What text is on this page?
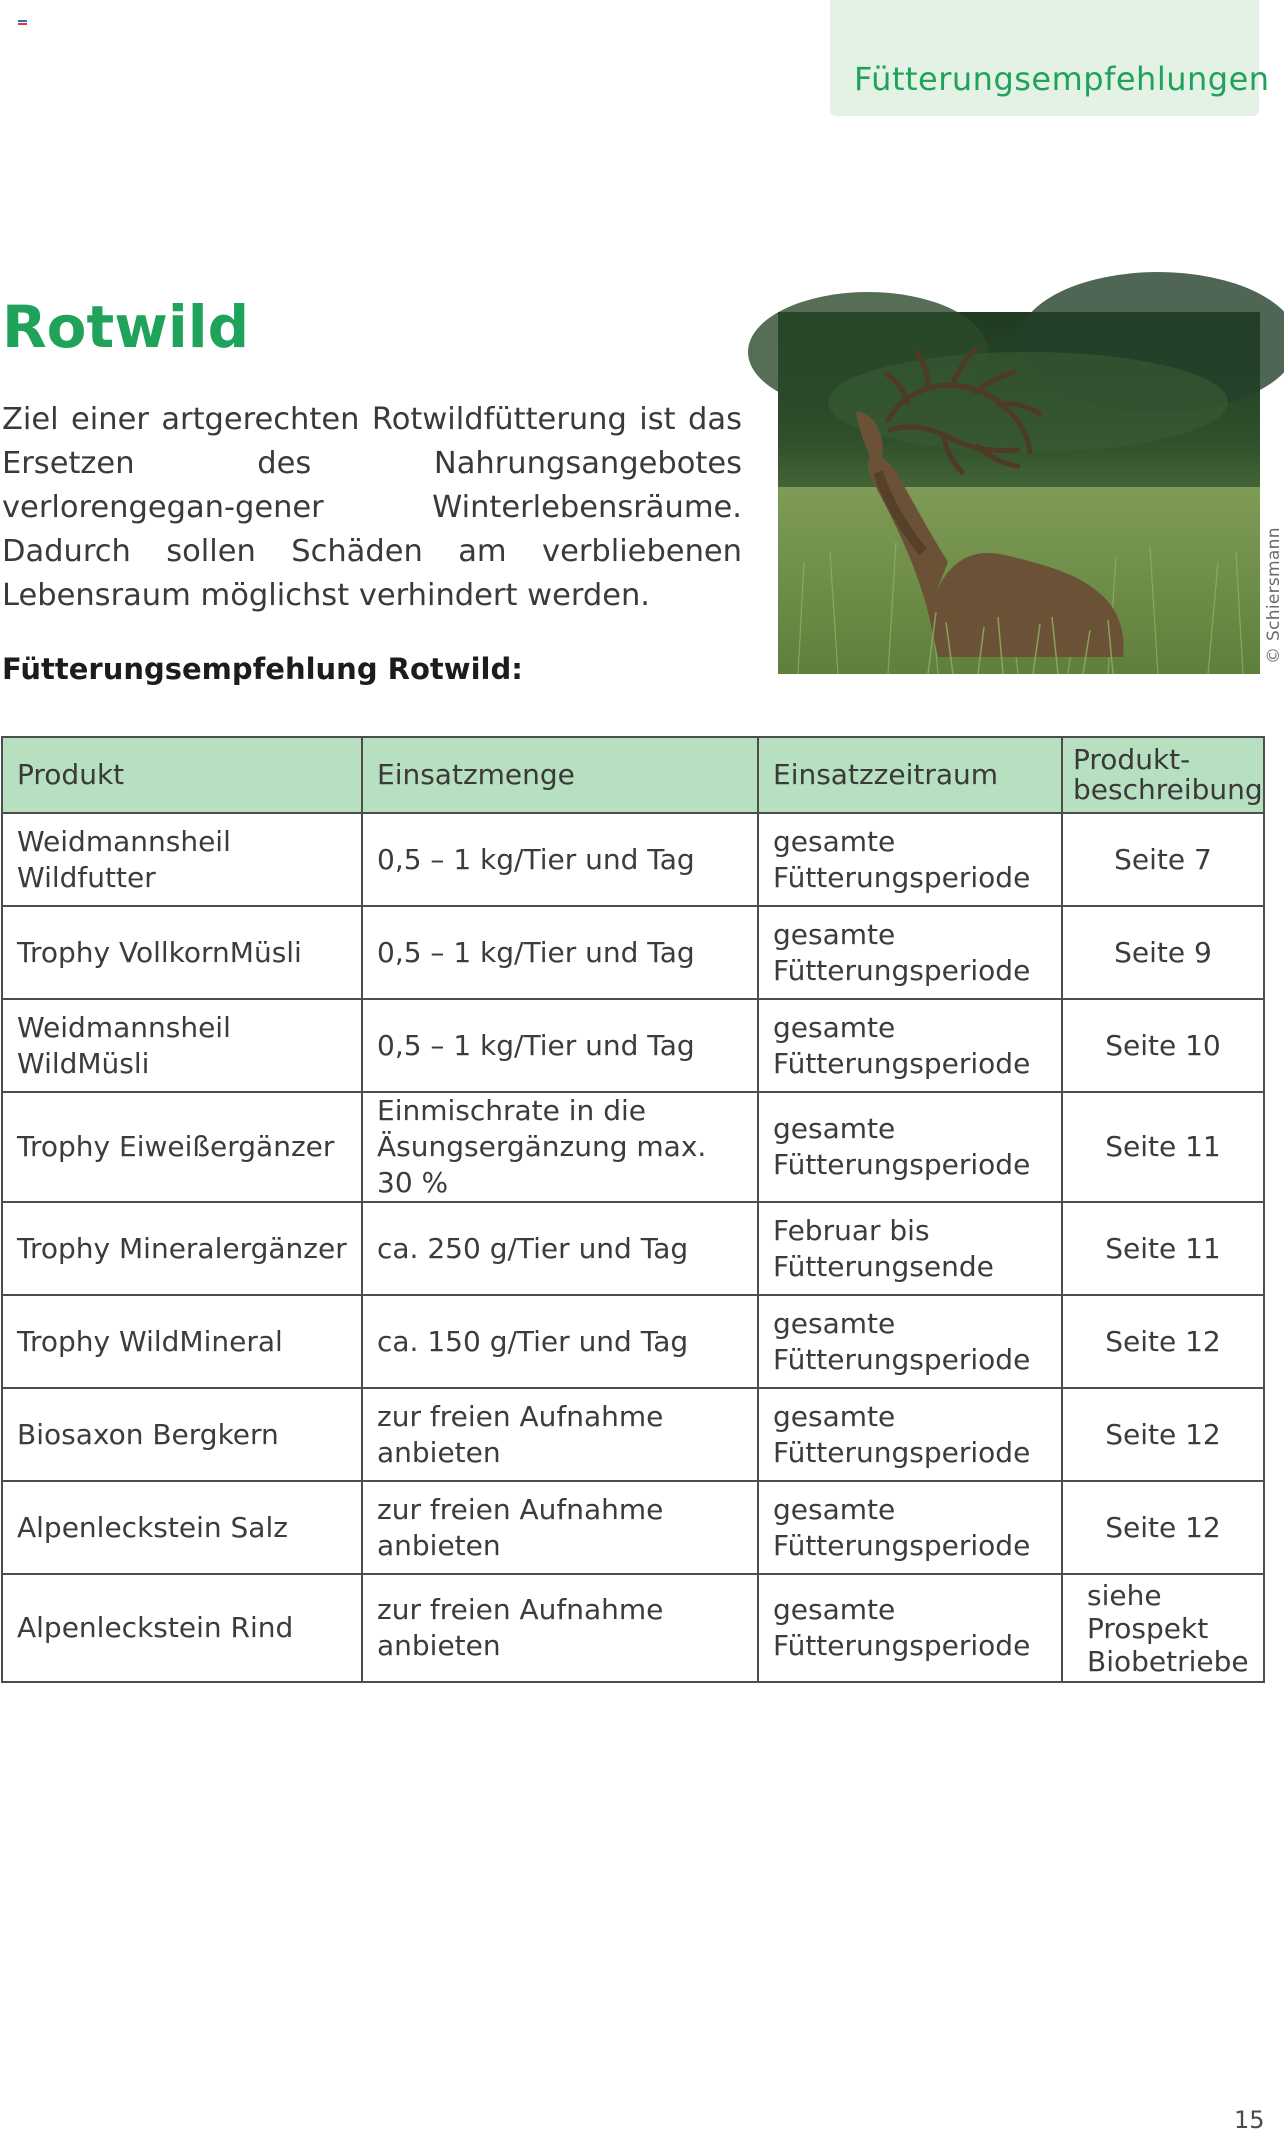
Fütterungsempfehlungen
Rotwild

Ziel einer artgerechten Rotwildfütterung ist das Ersetzen des Nahrungsangebotes verlorengegan-gener Winterlebensräume. Dadurch sollen Schäden am verbliebenen Lebensraum möglichst verhindert werden.

Fütterungsempfehlung Rotwild:
© Schiersmann
Produkt	Einsatzmenge	Einsatzzeitraum	Produkt-
beschreibung

Weidmannsheil
Wildfutter	0,5 – 1 kg/Tier und Tag	gesamte
Fütterungsperiode	Seite 7

Trophy VollkornMüsli	0,5 – 1 kg/Tier und Tag	gesamte
Fütterungsperiode	Seite 9

Weidmannsheil WildMüsli	0,5 – 1 kg/Tier und Tag	gesamte
Fütterungsperiode	Seite 10

Trophy Eiweißergänzer	Einmischrate in die
Äsungsergänzung max. 30 %	gesamte
Fütterungsperiode	Seite 11

Trophy Mineralergänzer	ca. 250 g/Tier und Tag	Februar bis
Fütterungsende	Seite 11

Trophy WildMineral	ca. 150 g/Tier und Tag	gesamte
Fütterungsperiode	Seite 12

Biosaxon Bergkern	zur freien Aufnahme
anbieten	gesamte
Fütterungsperiode	Seite 12

Alpenleckstein Salz	zur freien Aufnahme
anbieten	gesamte
Fütterungsperiode	Seite 12

Alpenleckstein Rind	zur freien Aufnahme
anbieten	gesamte
Fütterungsperiode	siehe
Prospekt
Biobetriebe
15
